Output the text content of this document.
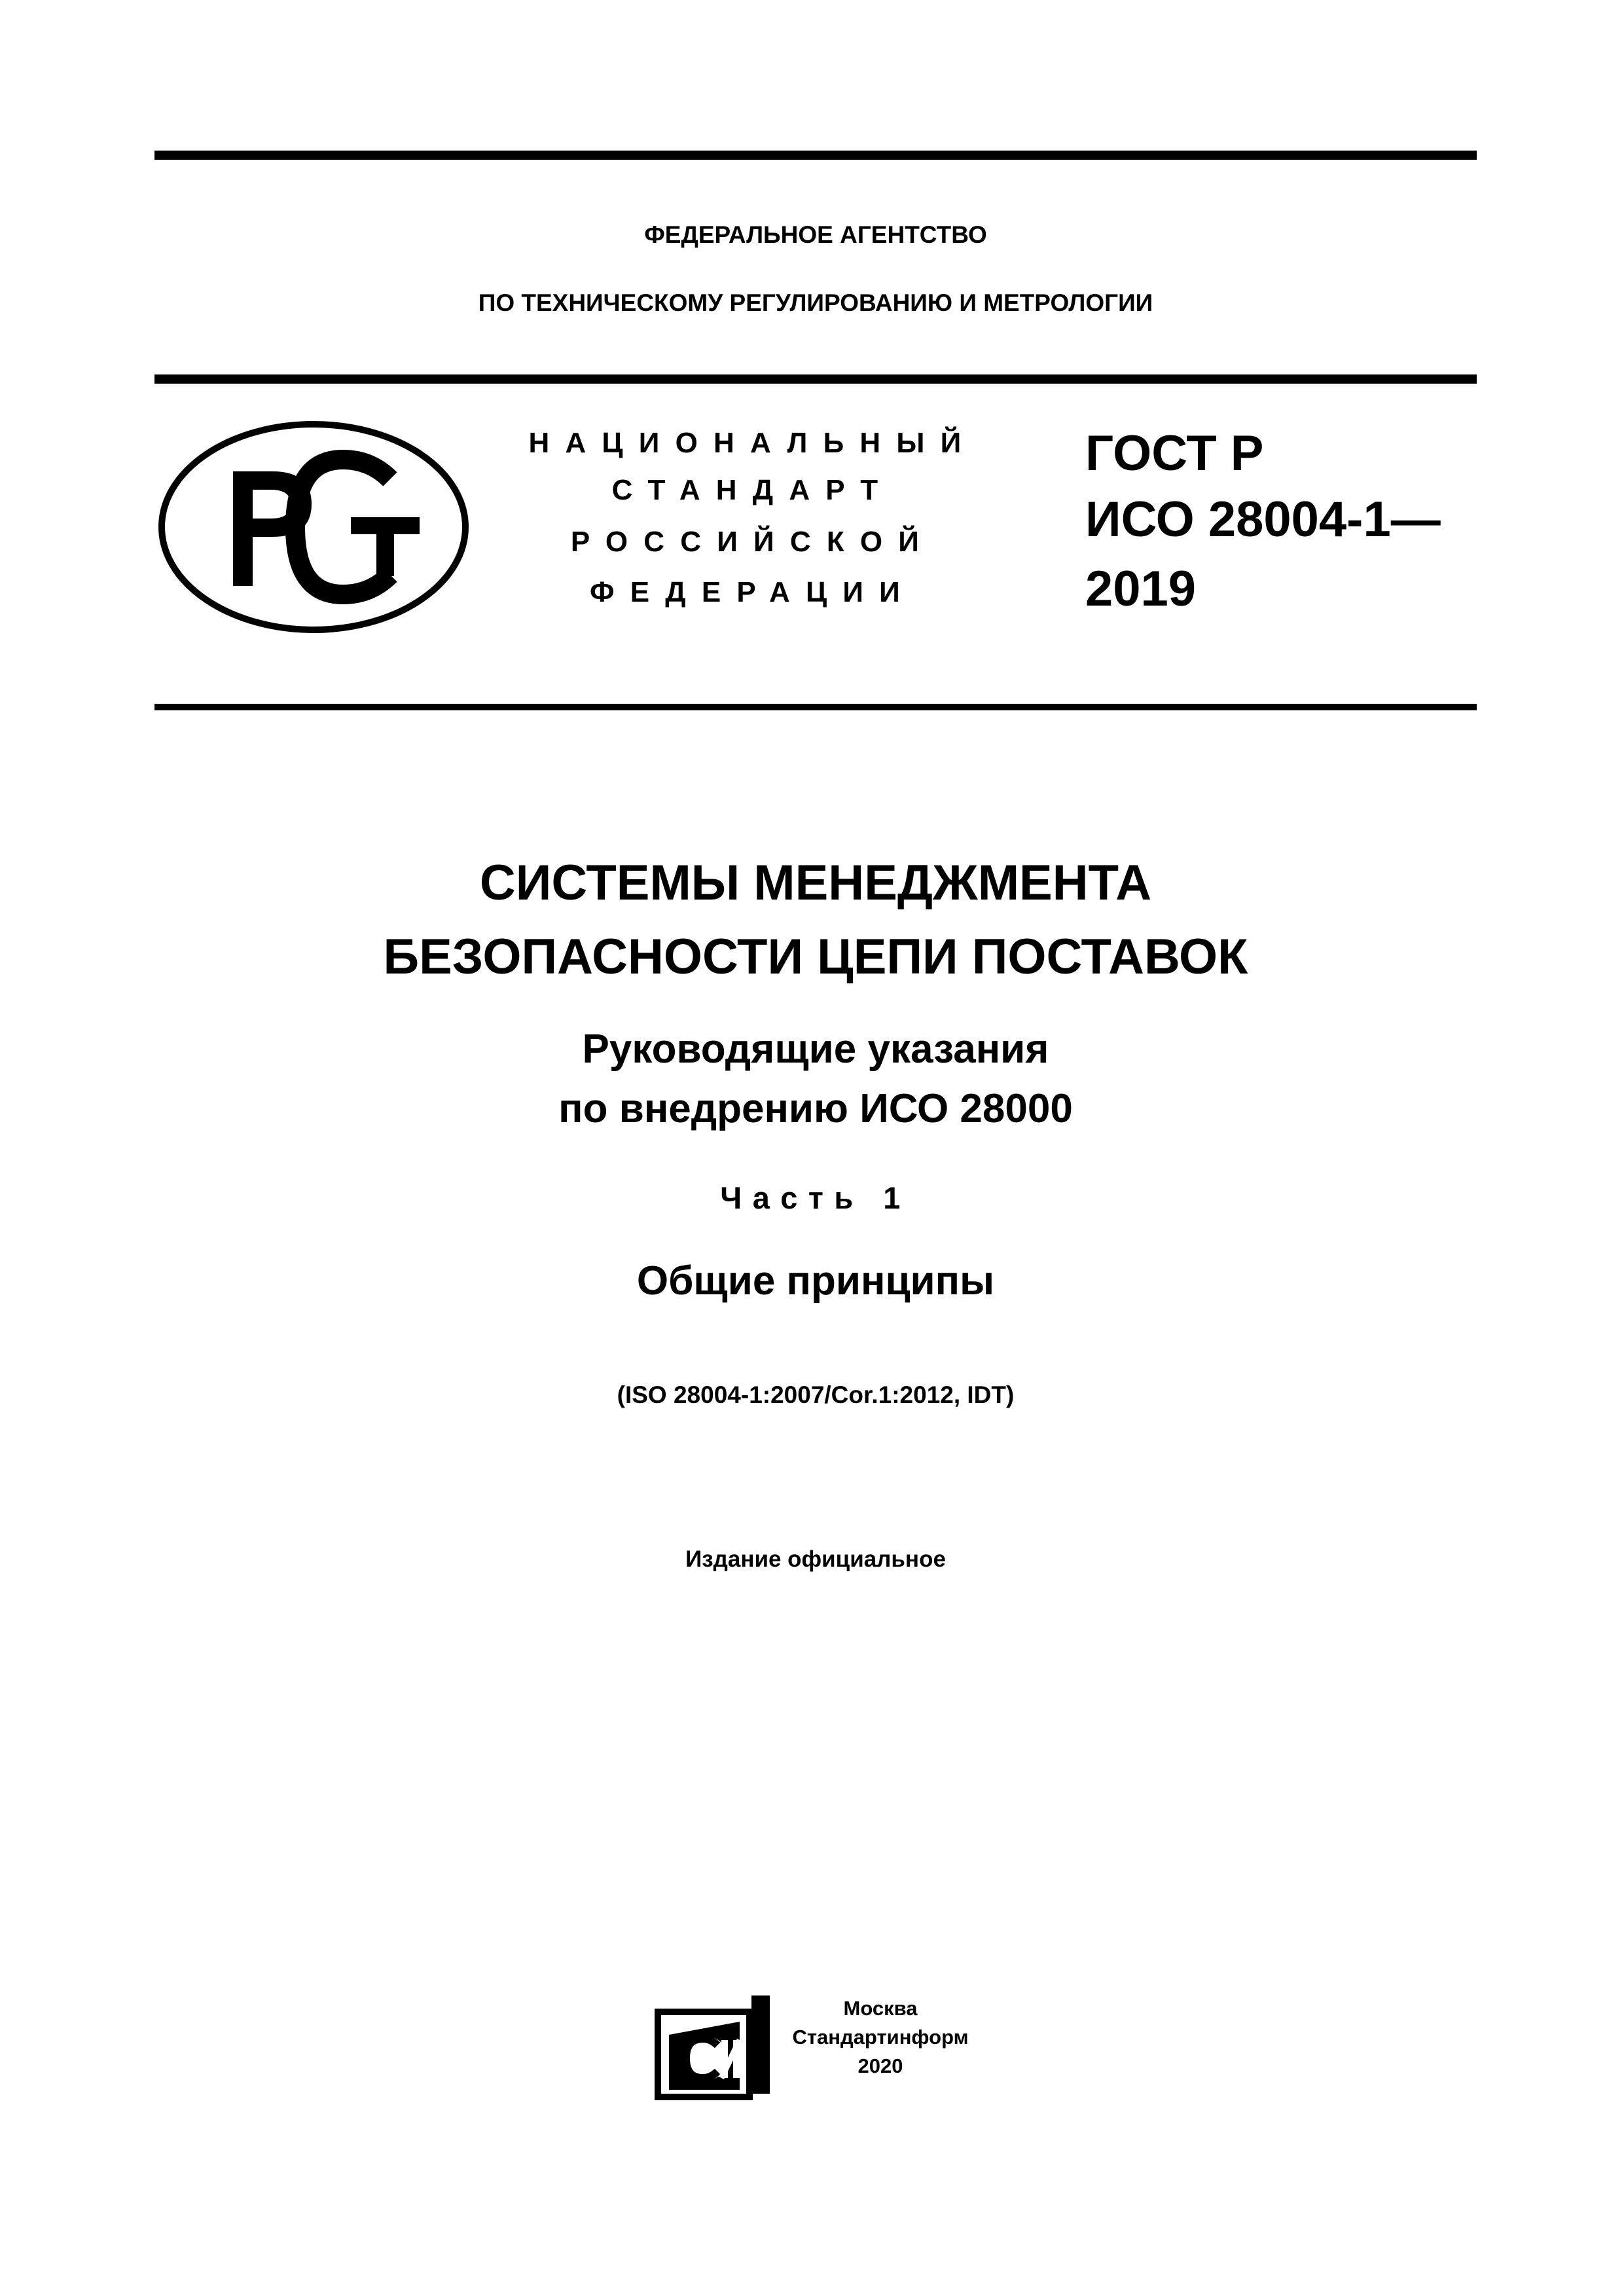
ФЕДЕРАЛЬНОЕ АГЕНТСТВО
ПО ТЕХНИЧЕСКОМУ РЕГУЛИРОВАНИЮ И МЕТРОЛОГИИ
НАЦИОНАЛЬНЫЙ
СТАНДАРТ
РОССИЙСКОЙ
ФЕДЕРАЦИИ
ГОСТ Р
ИСО 28004-1—
2019
СИСТЕМЫ МЕНЕДЖМЕНТА
БЕЗОПАСНОСТИ ЦЕПИ ПОСТАВОК
Руководящие указания
по внедрению ИСО 28000
Часть 1
Общие принципы
(ISO 28004-1:2007/Cor.1:2012, IDT)
Издание официальное
Москва
Стандартинформ
2020
